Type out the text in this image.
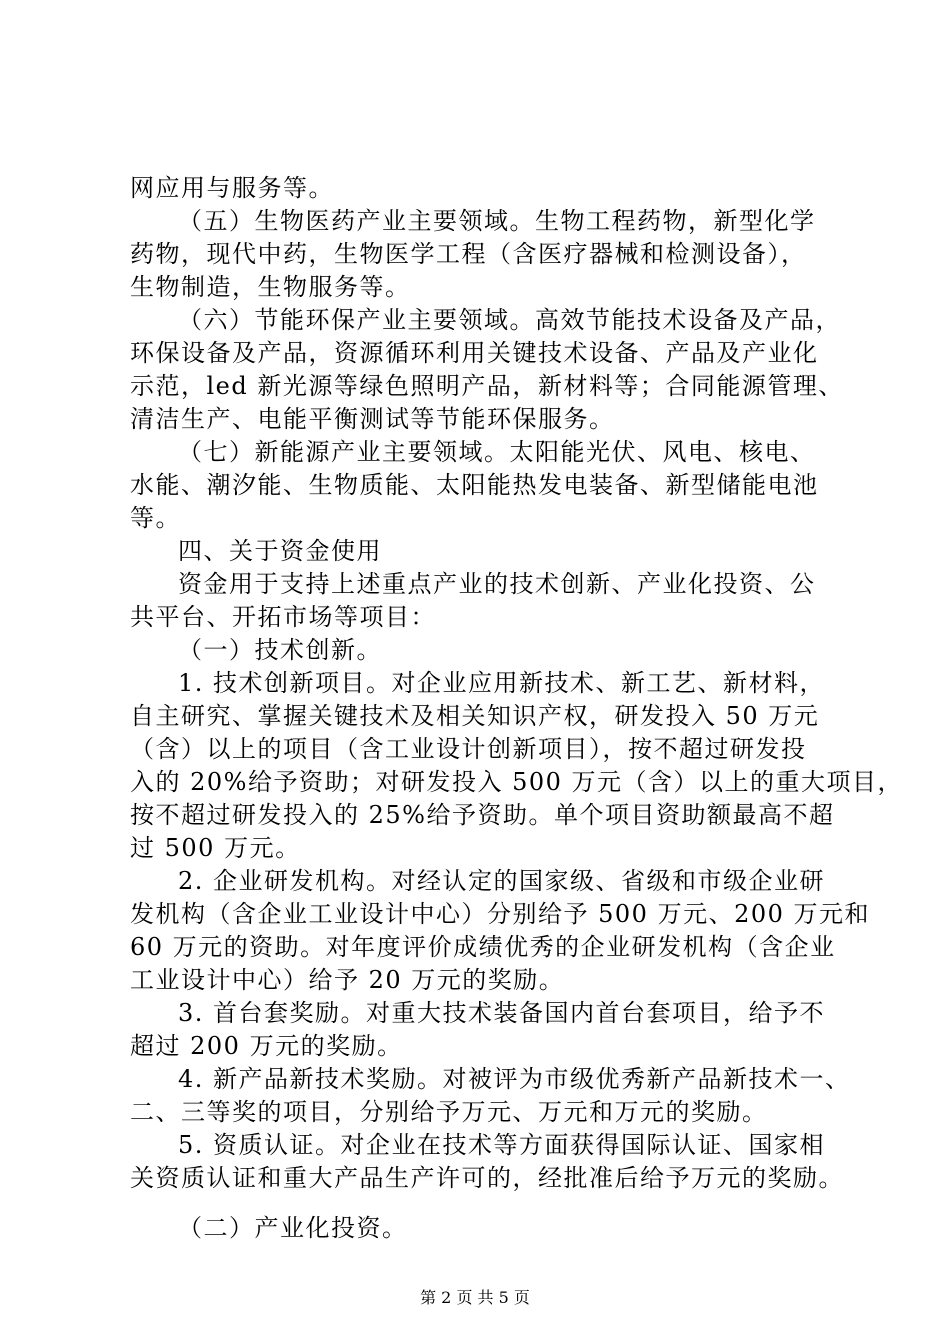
网应用与服务等。
（五）生物医药产业主要领域。生物工程药物，新型化学
药物，现代中药，生物医学工程（含医疗器械和检测设备），
生物制造，生物服务等。
（六）节能环保产业主要领域。高效节能技术设备及产品，
环保设备及产品，资源循环利用关键技术设备、产品及产业化
示范，led 新光源等绿色照明产品，新材料等；合同能源管理、
清洁生产、电能平衡测试等节能环保服务。
（七）新能源产业主要领域。太阳能光伏、风电、核电、
水能、潮汐能、生物质能、太阳能热发电装备、新型储能电池
等。
四、关于资金使用
资金用于支持上述重点产业的技术创新、产业化投资、公
共平台、开拓市场等项目：
（一）技术创新。
1. 技术创新项目。对企业应用新技术、新工艺、新材料，
自主研究、掌握关键技术及相关知识产权，研发投入 50 万元
（含）以上的项目（含工业设计创新项目），按不超过研发投
入的 20%给予资助；对研发投入 500 万元（含）以上的重大项目，
按不超过研发投入的 25%给予资助。单个项目资助额最高不超
过 500 万元。
2. 企业研发机构。对经认定的国家级、省级和市级企业研
发机构（含企业工业设计中心）分别给予 500 万元、200 万元和
60 万元的资助。对年度评价成绩优秀的企业研发机构（含企业
工业设计中心）给予 20 万元的奖励。
3. 首台套奖励。对重大技术装备国内首台套项目，给予不
超过 200 万元的奖励。
4. 新产品新技术奖励。对被评为市级优秀新产品新技术一、
二、三等奖的项目，分别给予万元、万元和万元的奖励。
5. 资质认证。对企业在技术等方面获得国际认证、国家相
关资质认证和重大产品生产许可的，经批准后给予万元的奖励。
（二）产业化投资。
第 2 页 共 5 页
